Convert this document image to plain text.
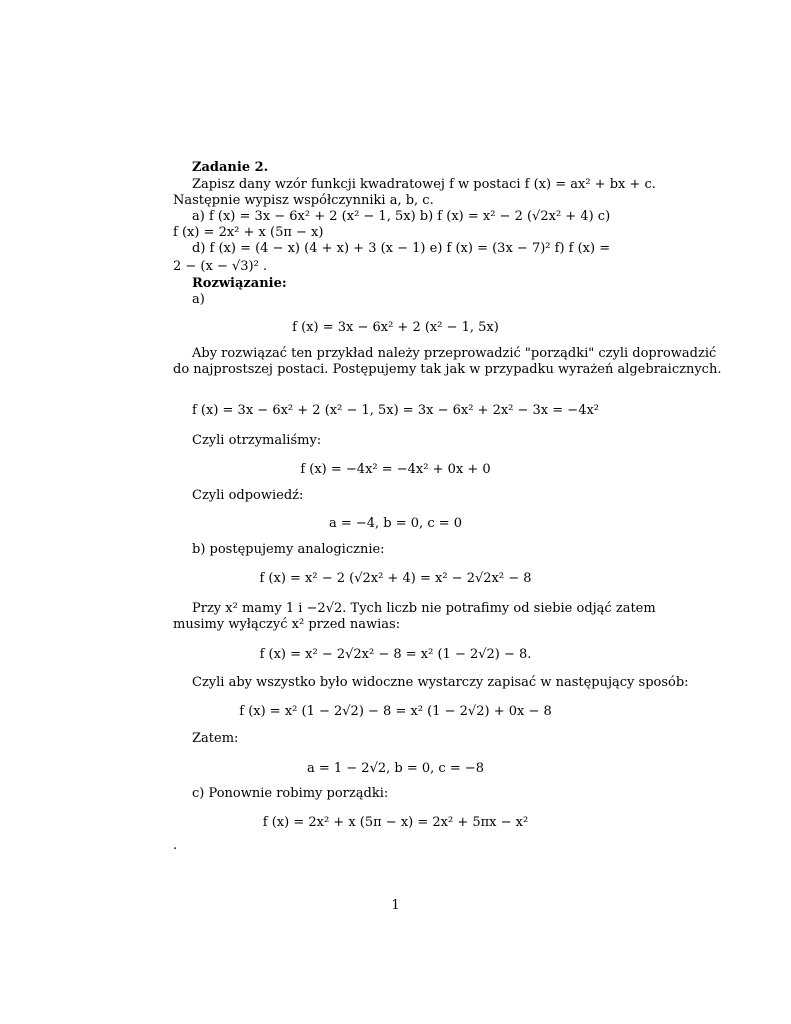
Zadanie 2.
Zapisz dany wzór funkcji kwadratowej f w postaci f (x) = ax² + bx + c.
Następnie wypisz współczynniki a, b, c.
a) f (x) = 3x − 6x² + 2 (x² − 1, 5x) b) f (x) = x² − 2 (√2x² + 4) c)
f (x) = 2x² + x (5π − x)
d) f (x) = (4 − x) (4 + x) + 3 (x − 1) e) f (x) = (3x − 7)² f) f (x) =
2 − (x − √3)² .
Rozwiązanie:
a)
f (x) = 3x − 6x² + 2 (x² − 1, 5x)
Aby rozwiązać ten przykład należy przeprowadzić "porządki" czyli doprowadzić
do najprostszej postaci. Postępujemy tak jak w przypadku wyrażeń algebraicznych.
f (x) = 3x − 6x² + 2 (x² − 1, 5x) = 3x − 6x² + 2x² − 3x = −4x²
Czyli otrzymaliśmy:
f (x) = −4x² = −4x² + 0x + 0
Czyli odpowiedź:
a = −4, b = 0, c = 0
b) postępujemy analogicznie:
f (x) = x² − 2 (√2x² + 4) = x² − 2√2x² − 8
Przy x² mamy 1 i −2√2. Tych liczb nie potrafimy od siebie odjąć zatem
musimy wyłączyć x² przed nawias:
f (x) = x² − 2√2x² − 8 = x² (1 − 2√2) − 8.
Czyli aby wszystko było widoczne wystarczy zapisać w następujący sposób:
f (x) = x² (1 − 2√2) − 8 = x² (1 − 2√2) + 0x − 8
Zatem:
a = 1 − 2√2, b = 0, c = −8
c) Ponownie robimy porządki:
f (x) = 2x² + x (5π − x) = 2x² + 5πx − x²
.
1
